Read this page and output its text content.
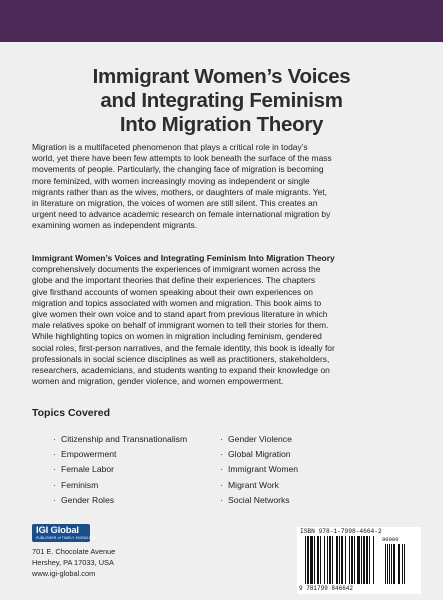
Immigrant Women’s Voices
and Integrating Feminism
Into Migration Theory
Migration is a multifaceted phenomenon that plays a critical role in today’s
world, yet there have been few attempts to look beneath the surface of the mass
movements of people. Particularly, the changing face of migration is becoming
more feminized, with women increasingly moving as independent or single
migrants rather than as the wives, mothers, or daughters of male migrants. Yet,
in literature on migration, the voices of women are still silent. This creates an
urgent need to advance academic research on female international migration by
examining women as independent migrants.
Immigrant Women’s Voices and Integrating Feminism Into Migration Theory
comprehensively documents the experiences of immigrant women across the
globe and the important theories that define their experiences. The chapters
give firsthand accounts of women speaking about their own experiences on
migration and topics associated with women and migration. This book aims to
give women their own voice and to stand apart from previous literature in which
male relatives spoke on behalf of immigrant women to tell their stories for them.
While highlighting topics on women in migration including feminism, gendered
social roles, first-person narratives, and the female identity, this book is ideally for
professionals in social science disciplines as well as practitioners, stakeholders,
researchers, academicians, and students wanting to expand their knowledge on
women and migration, gender violence, and women empowerment.
Topics Covered
· Citizenship and Transnationalism
· Empowerment
· Female Labor
· Feminism
· Gender Roles
· Gender Violence
· Global Migration
· Immigrant Women
· Migrant Work
· Social Networks
IGI Global
PUBLISHER of TIMELY KNOWLEDGE
701 E. Chocolate Avenue
Hershey, PA 17033, USA
www.igi-global.com
ISBN 978-1-7998-4664-2
90000
9 781799 846642
